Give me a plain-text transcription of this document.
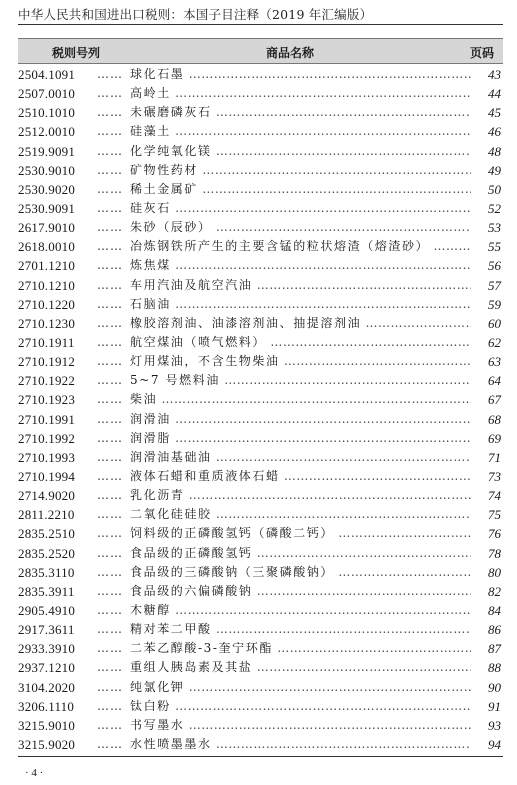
中华人民共和国进出口税则：本国子目注释（2019 年汇编版）
税则号列	商品名称	页码
2504.1091	…… 球化石墨 ………………………………………………………………………………………………………………………………………………	43
2507.0010	…… 高岭土 ………………………………………………………………………………………………………………………………………………	44
2510.1010	…… 未碾磨磷灰石 ………………………………………………………………………………………………………………………………………………	45
2512.0010	…… 硅藻土 ………………………………………………………………………………………………………………………………………………	46
2519.9091	…… 化学纯氧化镁 ………………………………………………………………………………………………………………………………………………	48
2530.9010	…… 矿物性药材 ………………………………………………………………………………………………………………………………………………	49
2530.9020	…… 稀土金属矿 ………………………………………………………………………………………………………………………………………………	50
2530.9091	…… 硅灰石 ………………………………………………………………………………………………………………………………………………	52
2617.9010	…… 朱砂（辰砂） ………………………………………………………………………………………………………………………………………………	53
2618.0010	…… 冶炼钢铁所产生的主要含锰的粒状熔渣（熔渣砂） ………………………………………………………………………………………………………………………………………………	55
2701.1210	…… 炼焦煤 ………………………………………………………………………………………………………………………………………………	56
2710.1210	…… 车用汽油及航空汽油 ………………………………………………………………………………………………………………………………………………	57
2710.1220	…… 石脑油 ………………………………………………………………………………………………………………………………………………	59
2710.1230	…… 橡胶溶剂油、油漆溶剂油、抽提溶剂油 ………………………………………………………………………………………………………………………………………………	60
2710.1911	…… 航空煤油（喷气燃料） ………………………………………………………………………………………………………………………………………………	62
2710.1912	…… 灯用煤油，不含生物柴油 ………………………………………………………………………………………………………………………………………………	63
2710.1922	…… 5~7 号燃料油 ………………………………………………………………………………………………………………………………………………	64
2710.1923	…… 柴油 ………………………………………………………………………………………………………………………………………………	67
2710.1991	…… 润滑油 ………………………………………………………………………………………………………………………………………………	68
2710.1992	…… 润滑脂 ………………………………………………………………………………………………………………………………………………	69
2710.1993	…… 润滑油基础油 ………………………………………………………………………………………………………………………………………………	71
2710.1994	…… 液体石蜡和重质液体石蜡 ………………………………………………………………………………………………………………………………………………	73
2714.9020	…… 乳化沥青 ………………………………………………………………………………………………………………………………………………	74
2811.2210	…… 二氧化硅硅胶 ………………………………………………………………………………………………………………………………………………	75
2835.2510	…… 饲料级的正磷酸氢钙（磷酸二钙） ………………………………………………………………………………………………………………………………………………	76
2835.2520	…… 食品级的正磷酸氢钙 ………………………………………………………………………………………………………………………………………………	78
2835.3110	…… 食品级的三磷酸钠（三聚磷酸钠） ………………………………………………………………………………………………………………………………………………	80
2835.3911	…… 食品级的六偏磷酸钠 ………………………………………………………………………………………………………………………………………………	82
2905.4910	…… 木糖醇 ………………………………………………………………………………………………………………………………………………	84
2917.3611	…… 精对苯二甲酸 ………………………………………………………………………………………………………………………………………………	86
2933.3910	…… 二苯乙醇酸-3-奎宁环酯 ………………………………………………………………………………………………………………………………………………	87
2937.1210	…… 重组人胰岛素及其盐 ………………………………………………………………………………………………………………………………………………	88
3104.2020	…… 纯氯化钾 ………………………………………………………………………………………………………………………………………………	90
3206.1110	…… 钛白粉 ………………………………………………………………………………………………………………………………………………	91
3215.9010	…… 书写墨水 ………………………………………………………………………………………………………………………………………………	93
3215.9020	…… 水性喷墨墨水 ………………………………………………………………………………………………………………………………………………	94
· 4 ·
